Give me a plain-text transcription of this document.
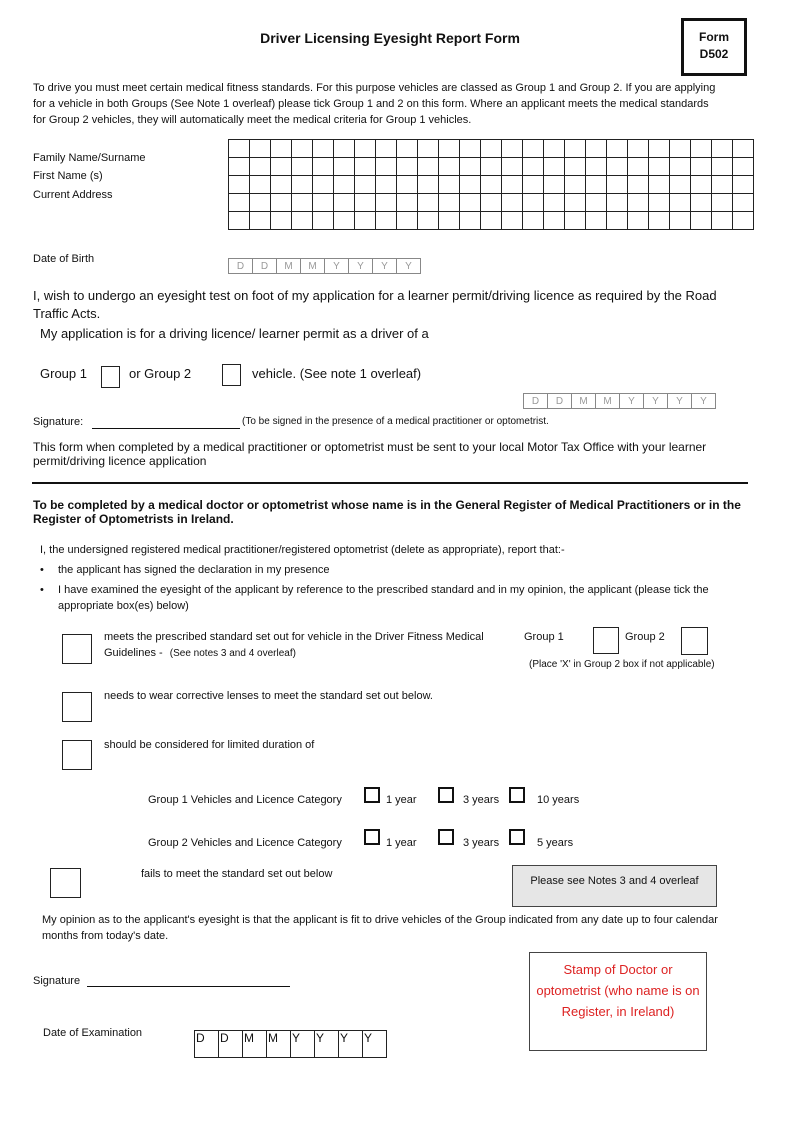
Driver Licensing Eyesight Report Form	Form
D502
To drive you must meet certain medical fitness standards. For this purpose vehicles are classed as Group 1 and Group 2. If you are applying for a vehicle in both Groups (See Note 1 overleaf) please tick Group 1 and 2 on this form. Where an applicant meets the medical standards for Group 2 vehicles, they will automatically meet the medical criteria for Group 1 vehicles.
Family Name/Surname
First Name (s)
Current Address

Date of Birth
D	D	M	M	Y	Y	Y	Y
I, wish to undergo an eyesight test on foot of my application for a learner permit/driving licence as required by the Road Traffic Acts.
My application is for a driving licence/ learner permit as a driver of a
Group 1	or Group 2	vehicle. (See note 1 overleaf)
D	D	M	M	Y	Y	Y	Y
Signature:	(To be signed in the presence of a medical practitioner or optometrist.
This form when completed by a medical practitioner or optometrist must be sent to your local Motor Tax Office with your learner permit/driving licence application
To be completed by a medical doctor or optometrist whose name is in the General Register of Medical Practitioners or in the Register of Optometrists in Ireland.
I, the undersigned registered medical practitioner/registered optometrist (delete as appropriate), report that:-
• the applicant has signed the declaration in my presence
• I have examined the eyesight of the applicant by reference to the prescribed standard and in my opinion, the applicant (please tick the appropriate box(es) below)
meets the prescribed standard set out for vehicle in the Driver Fitness Medical
Guidelines - (See notes 3 and 4 overleaf)
Group 1	Group 2
(Place 'X' in Group 2 box if not applicable)
needs to wear corrective lenses to meet the standard set out below.
should be considered for limited duration of
Group 1 Vehicles and Licence Category	1 year	3 years	10 years
Group 2 Vehicles and Licence Category	1 year	3 years	5 years
fails to meet the standard set out below
Please see Notes 3 and 4 overleaf
My opinion as to the applicant's eyesight is that the applicant is fit to drive vehicles of the Group indicated from any date up to four calendar months from today's date.
Signature
Stamp of Doctor or optometrist (who name is on Register, in Ireland)
Date of Examination	D	D	M	M	Y	Y	Y	Y
